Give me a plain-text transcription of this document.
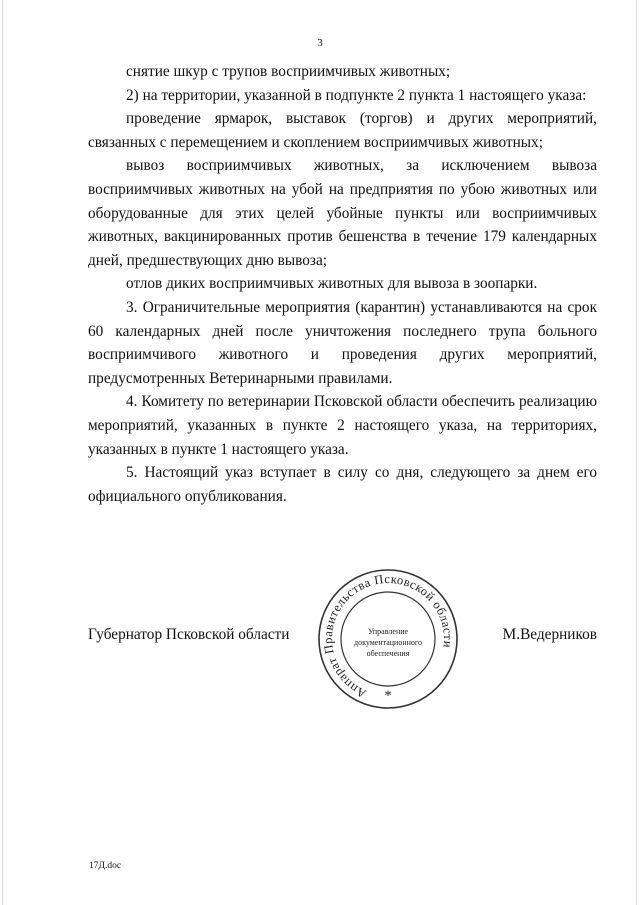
3

снятие шкур с трупов восприимчивых животных;

2) на территории, указанной в подпункте 2 пункта 1 настоящего указа:

проведение ярмарок, выставок (торгов) и других мероприятий, связанных с перемещением и скоплением восприимчивых животных;

вывоз восприимчивых животных, за исключением вывоза восприимчивых животных на убой на предприятия по убою животных или оборудованные для этих целей убойные пункты или восприимчивых животных, вакцинированных против бешенства в течение 179 календарных дней, предшествующих дню вывоза;

отлов диких восприимчивых животных для вывоза в зоопарки.

3. Ограничительные мероприятия (карантин) устанавливаются на срок 60 календарных дней после уничтожения последнего трупа больного восприимчивого животного и проведения других мероприятий, предусмотренных Ветеринарными правилами.

4. Комитету по ветеринарии Псковской области обеспечить реализацию мероприятий, указанных в пункте 2 настоящего указа, на территориях, указанных в пункте 1 настоящего указа.

5. Настоящий указ вступает в силу со дня, следующего за днем его официального опубликования.

Губернатор Псковской области	М.Ведерников
Аппарат Правительства Псковской области
Управление
документационного
обеспечения
*
17Д.doc
